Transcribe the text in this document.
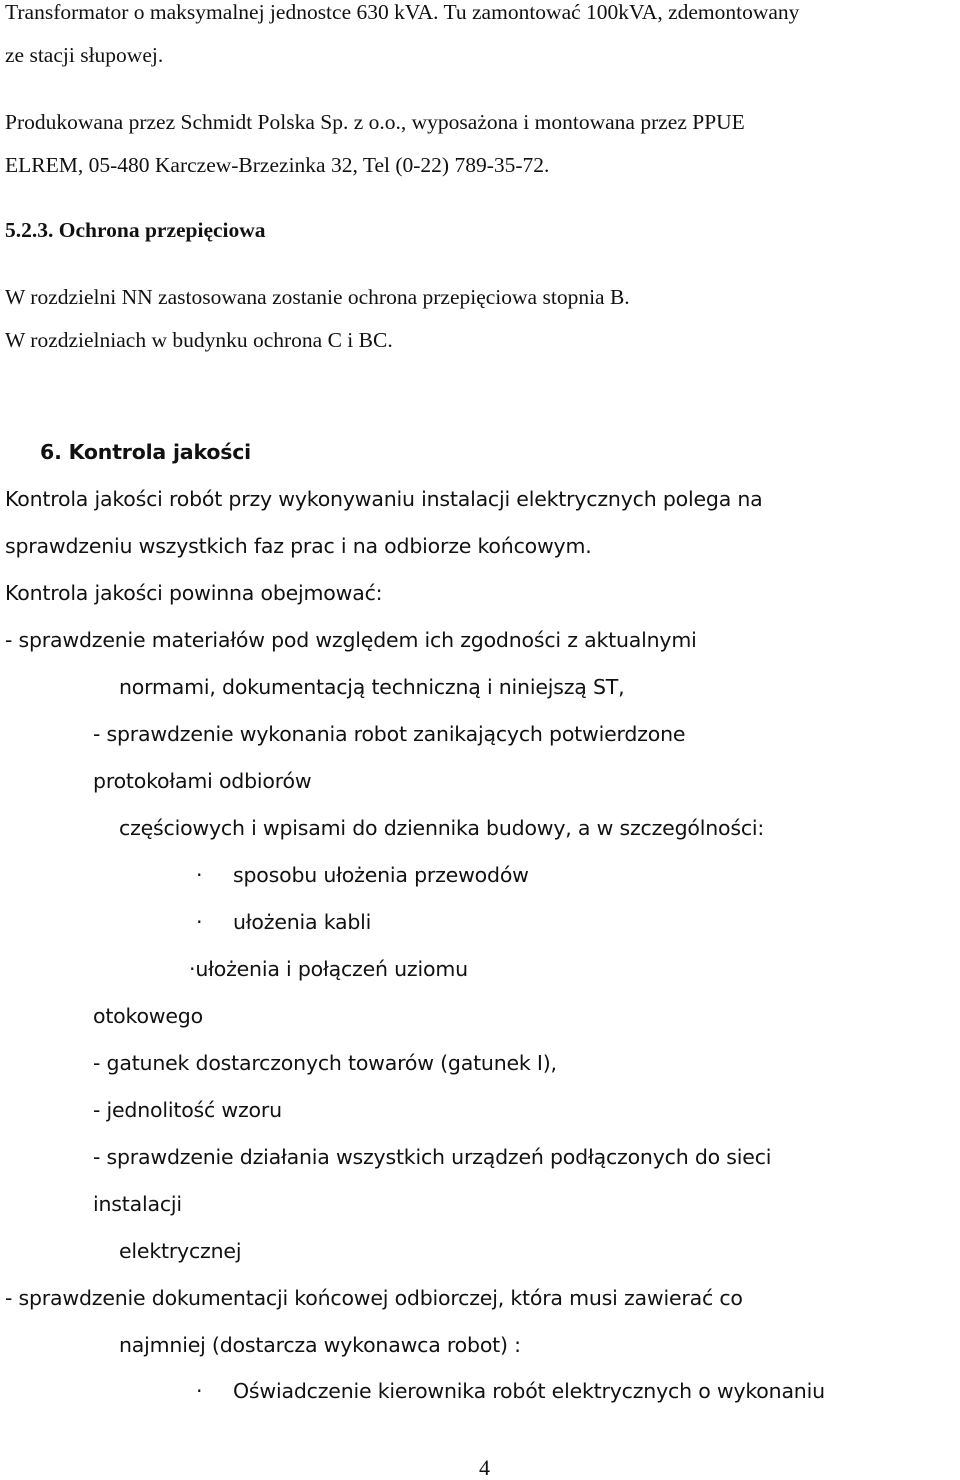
Transformator o maksymalnej jednostce 630 kVA. Tu zamontować 100kVA, zdemontowany

ze stacji słupowej.

Produkowana przez Schmidt Polska Sp. z o.o., wyposażona i montowana przez PPUE

ELREM, 05-480 Karczew-Brzezinka 32, Tel (0-22) 789-35-72.

5.2.3. Ochrona przepięciowa

W rozdzielni NN zastosowana zostanie ochrona przepięciowa stopnia B.

W rozdzielniach w budynku ochrona C i BC.

6. Kontrola jakości

Kontrola jakości robót przy wykonywaniu instalacji elektrycznych polega na

sprawdzeniu wszystkich faz prac i na odbiorze końcowym.

Kontrola jakości powinna obejmować:

- sprawdzenie materiałów pod względem ich zgodności z aktualnymi

normami, dokumentacją techniczną i niniejszą ST,

- sprawdzenie wykonania robot zanikających potwierdzone

protokołami odbiorów

częściowych i wpisami do dziennika budowy, a w szczególności:

· sposobu ułożenia przewodów

· ułożenia kabli

·ułożenia i połączeń uziomu

otokowego

- gatunek dostarczonych towarów (gatunek I),

- jednolitość wzoru

- sprawdzenie działania wszystkich urządzeń podłączonych do sieci

instalacji

elektrycznej

- sprawdzenie dokumentacji końcowej odbiorczej, która musi zawierać co

najmniej (dostarcza wykonawca robot) :

· Oświadczenie kierownika robót elektrycznych o wykonaniu

4
